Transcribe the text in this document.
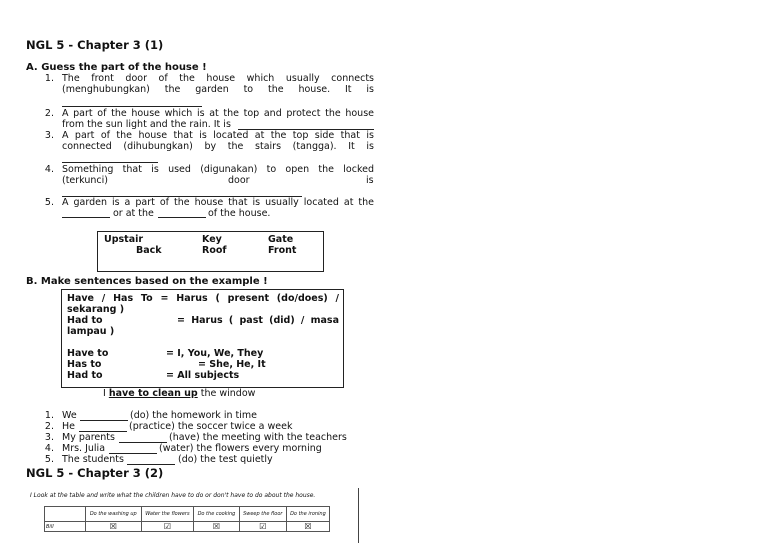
NGL 5 - Chapter 3 (1)
A. Guess the part of the house !
1. The front door of the house which usually connects
(menghubungkan) the garden to the house. It is
2. A part of the house which is at the top and protect the house
from the sun light and the rain. It is
3. A part of the house that is located at the top side that is
connected (dihubungkan) by the stairs (tangga). It is
4. Something that is used (digunakan) to open the locked
(terkunci)	door	is
5. A garden is a part of the house that is usually located at the
or at the	of the house.
Upstair	Key	Gate
Back	Roof	Front
B. Make sentences based on the example !
Have / Has To = Harus ( present (do/does) /
sekarang )
Had to	= Harus ( past (did) / masa
lampau )
Have to	= I, You, We, They
Has to	= She, He, It
Had to	= All subjects
I have to clean up the window
1. We	(do) the homework in time
2. He	(practice) the soccer twice a week
3. My parents	(have) the meeting with the teachers
4. Mrs. Julia	(water) the flowers every morning
5. The students	(do) the test quietly
NGL 5 - Chapter 3 (2)
I Look at the table and write what the children have to do or don't have to do about the house.
	Do the washing up	Water the flowers	Do the cooking	Sweep the floor	Do the ironing
Bill	☒	☑	☒	☑	☒
